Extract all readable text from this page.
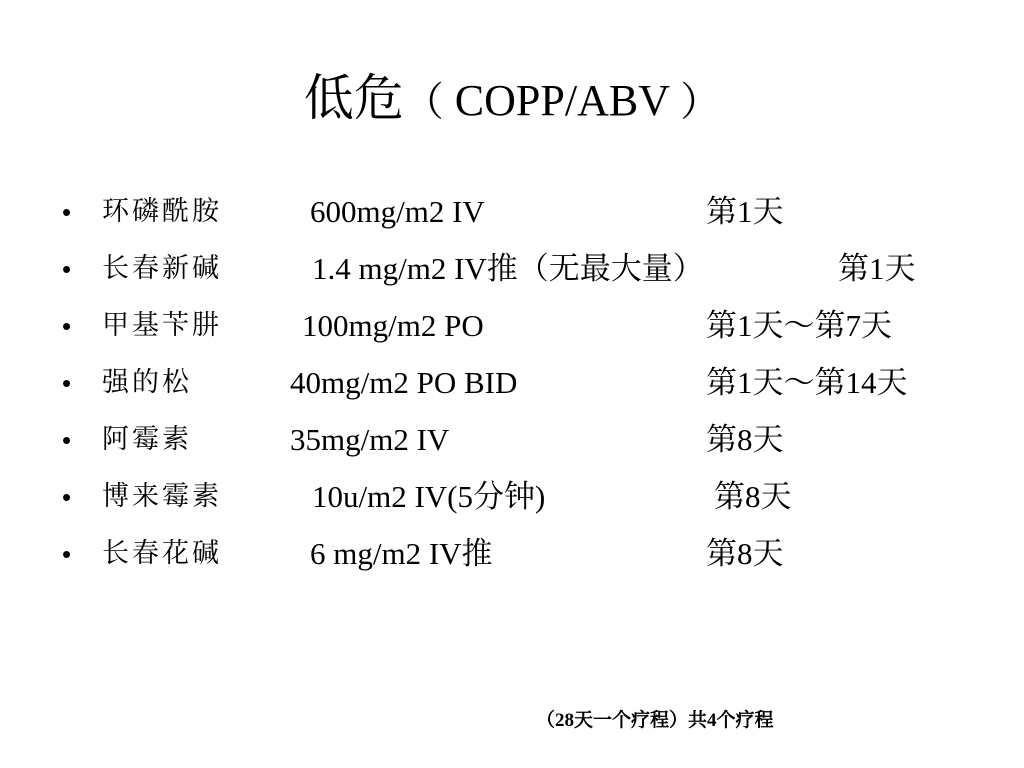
低危（ COPP/ABV ）
• 环磷酰胺	600mg/m2 IV	第1天
• 长春新碱	1.4 mg/m2 IV推（无最大量）	第1天
• 甲基苄肼	100mg/m2 PO	第1天～第7天
• 强的松	40mg/m2 PO BID	第1天～第14天
• 阿霉素	35mg/m2 IV	第8天
• 博来霉素	10u/m2 IV(5分钟)	第8天
• 长春花碱	6 mg/m2 IV推	第8天
（28天一个疗程）共4个疗程
